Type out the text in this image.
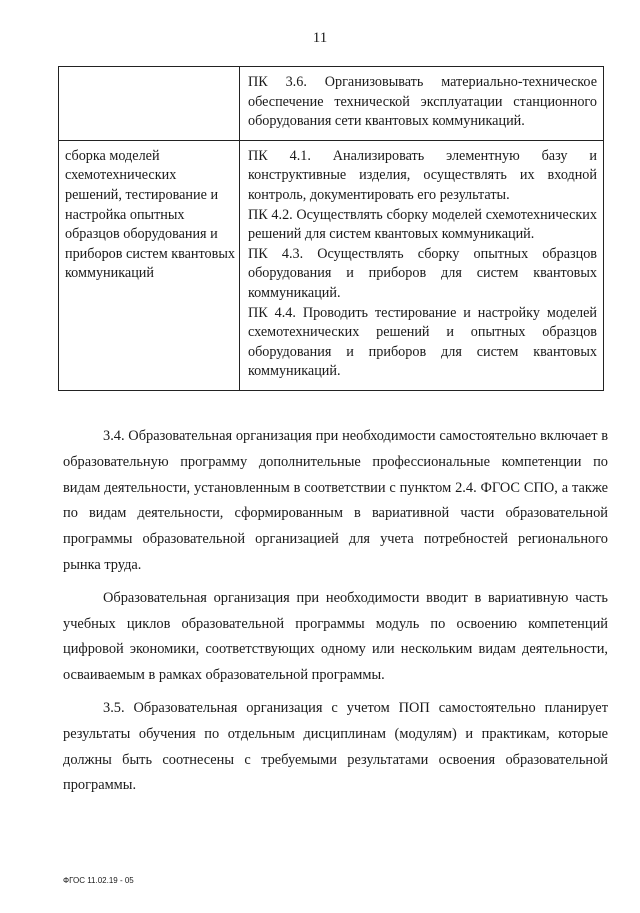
11

	ПК 3.6. Организовывать материально-техническое обеспечение технической эксплуатации станционного оборудования сети квантовых коммуникаций.

сборка моделей схемотехнических решений, тестирование и настройка опытных образцов оборудования и приборов систем квантовых коммуникаций	ПК 4.1. Анализировать элементную базу и конструктивные изделия, осуществлять их входной контроль, документировать его результаты.

ПК 4.2. Осуществлять сборку моделей схемотехнических решений для систем квантовых коммуникаций.

ПК 4.3. Осуществлять сборку опытных образцов оборудования и приборов для систем квантовых коммуникаций.

ПК 4.4. Проводить тестирование и настройку моделей схемотехнических решений и опытных образцов оборудования и приборов для систем квантовых коммуникаций.

3.4. Образовательная организация при необходимости самостоятельно включает в образовательную программу дополнительные профессиональные компетенции по видам деятельности, установленным в соответствии с пунктом 2.4. ФГОС СПО, а также по видам деятельности, сформированным в вариативной части образовательной программы образовательной организацией для учета потребностей регионального рынка труда.

Образовательная организация при необходимости вводит в вариативную часть учебных циклов образовательной программы модуль по освоению компетенций цифровой экономики, соответствующих одному или нескольким видам деятельности, осваиваемым в рамках образовательной программы.

3.5. Образовательная организация с учетом ПОП самостоятельно планирует результаты обучения по отдельным дисциплинам (модулям) и практикам, которые должны быть соотнесены с требуемыми результатами освоения образовательной программы.

ФГОС 11.02.19 - 05
